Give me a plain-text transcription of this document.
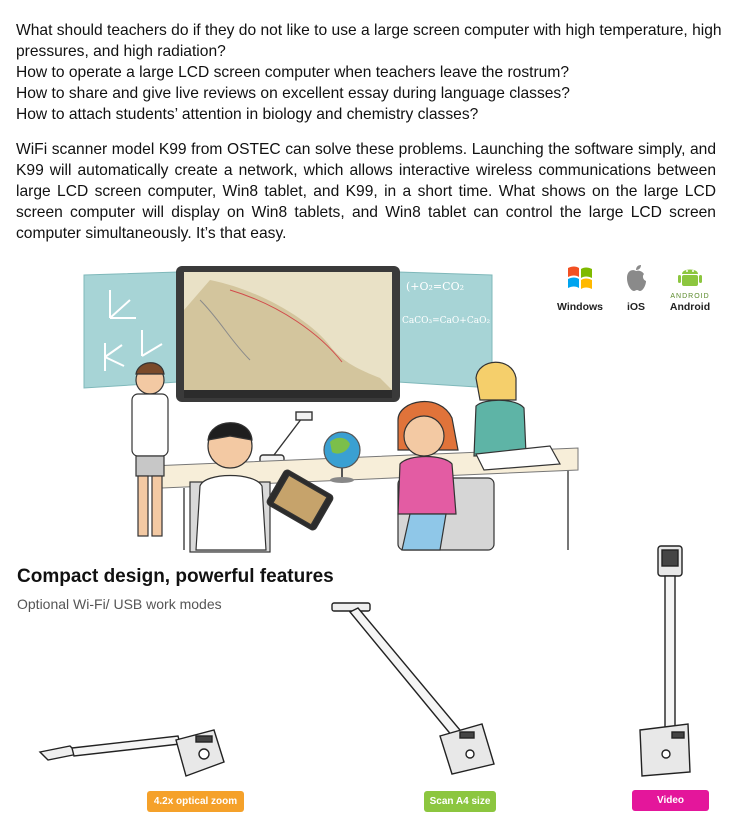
What should teachers do if they do not like to use a large screen computer with high temperature, high pressures, and high radiation?

How to operate a large LCD screen computer when teachers leave the rostrum?

How to share and give live reviews on excellent essay during language classes?

How to attach students’ attention in biology and chemistry classes?

WiFi scanner model K99 from OSTEC can solve these problems. Launching the software simply, and K99 will automatically create a network, which allows interactive wireless communications between large LCD screen computer, Win8 tablet, and K99, in a short time. What shows on the large LCD screen computer will display on Win8 tablets, and Win8 tablet can control the large LCD screen computer simultaneously. It’s that easy.

(+O₂=CO₂
CaCO₃=CaO+CaO₂
Windows	iOS
ANDROID
Android
Compact design, powerful features
Optional Wi-Fi/ USB work modes
4.2x optical zoom	Scan A4 size	Video
